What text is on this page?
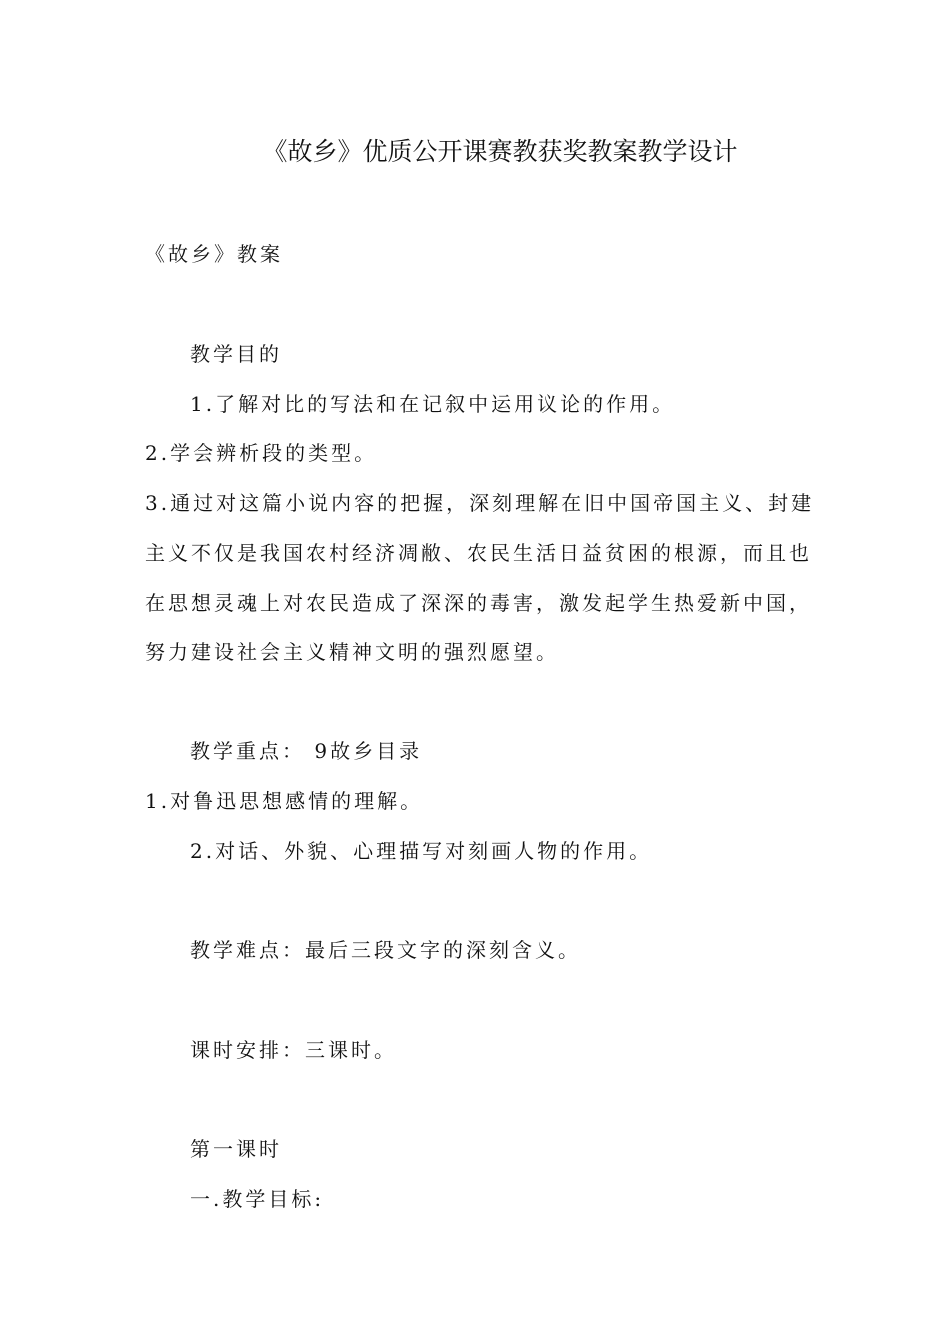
《故乡》优质公开课赛教获奖教案教学设计
《故乡》教案
教学目的
1.了解对比的写法和在记叙中运用议论的作用。
2.学会辨析段的类型。
3.通过对这篇小说内容的把握，深刻理解在旧中国帝国主义、封建
主义不仅是我国农村经济凋敝、农民生活日益贫困的根源，而且也
在思想灵魂上对农民造成了深深的毒害，激发起学生热爱新中国，
努力建设社会主义精神文明的强烈愿望。
教学重点： 9故乡目录
1.对鲁迅思想感情的理解。
2.对话、外貌、心理描写对刻画人物的作用。
教学难点：最后三段文字的深刻含义。
课时安排：三课时。
第一课时
一.教学目标:
